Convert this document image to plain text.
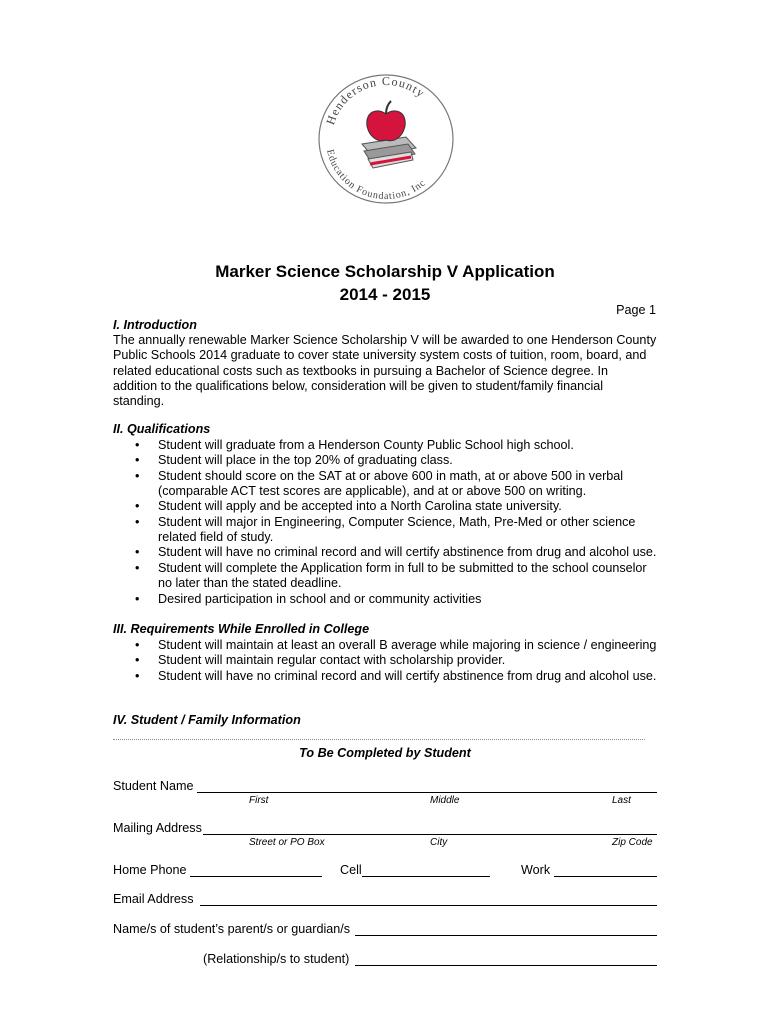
Henderson County
Education Foundation, Inc
Marker Science Scholarship V Application
2014 - 2015
Page 1
I. Introduction
The annually renewable Marker Science Scholarship V will be awarded to one Henderson County
Public Schools 2014 graduate to cover state university system costs of tuition, room, board, and
related educational costs such as textbooks in pursuing a Bachelor of Science degree. In
addition to the qualifications below, consideration will be given to student/family financial
standing.
II. Qualifications
• Student will graduate from a Henderson County Public School high school.
• Student will place in the top 20% of graduating class.
• Student should score on the SAT at or above 600 in math, at or above 500 in verbal
(comparable ACT test scores are applicable), and at or above 500 on writing.
• Student will apply and be accepted into a North Carolina state university.
• Student will major in Engineering, Computer Science, Math, Pre-Med or other science
related field of study.
• Student will have no criminal record and will certify abstinence from drug and alcohol use.
• Student will complete the Application form in full to be submitted to the school counselor
no later than the stated deadline.
• Desired participation in school and or community activities
III. Requirements While Enrolled in College
• Student will maintain at least an overall B average while majoring in science / engineering
• Student will maintain regular contact with scholarship provider.
• Student will have no criminal record and will certify abstinence from drug and alcohol use.
IV. Student / Family Information
To Be Completed by Student
Student Name
First	Middle	Last
Mailing Address
Street or PO Box	City	Zip Code
Home Phone	Cell	Work
Email Address
Name/s of student’s parent/s or guardian/s
(Relationship/s to student)
